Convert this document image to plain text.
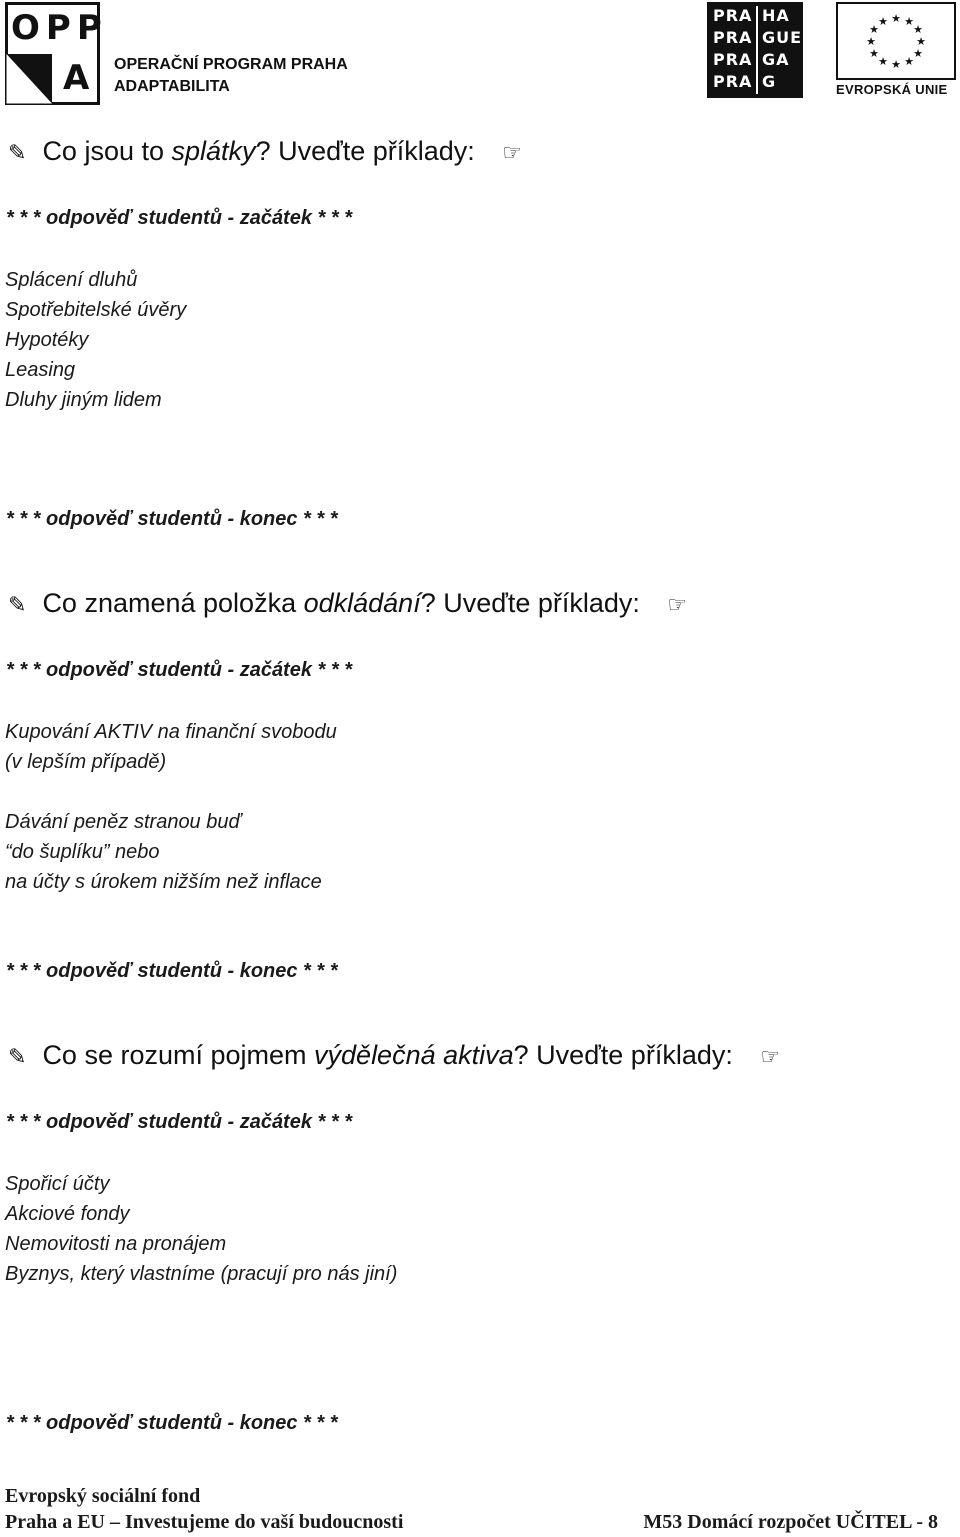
OPP
A OPERAČNÍ PROGRAM PRAHA
ADAPTABILITA
PRA
PRA
PRA
PRA
HA
GUE
GA
G
★ ★
★
★
★
★
★
★
★
★
★
★
EVROPSKÁ UNIE
✎ Co jsou to splátky? Uveďte příklady: ☞
* * * odpověď studentů - začátek * * *
Splácení dluhů
Spotřebitelské úvěry
Hypotéky
Leasing
Dluhy jiným lidem
* * * odpověď studentů - konec * * *
✎ Co znamená položka odkládání? Uveďte příklady: ☞
* * * odpověď studentů - začátek * * *
Kupování AKTIV na finanční svobodu
(v lepším případě)
Dávání peněz stranou buď
“do šuplíku” nebo
na účty s úrokem nižším než inflace
* * * odpověď studentů - konec * * *
✎ Co se rozumí pojmem výdělečná aktiva? Uveďte příklady: ☞
* * * odpověď studentů - začátek * * *
Spořicí účty
Akciové fondy
Nemovitosti na pronájem
Byznys, který vlastníme (pracují pro nás jiní)
* * * odpověď studentů - konec * * *
Evropský sociální fond
Praha a EU – Investujeme do vaší budoucnosti	M53 Domácí rozpočet UČITEL - 8
